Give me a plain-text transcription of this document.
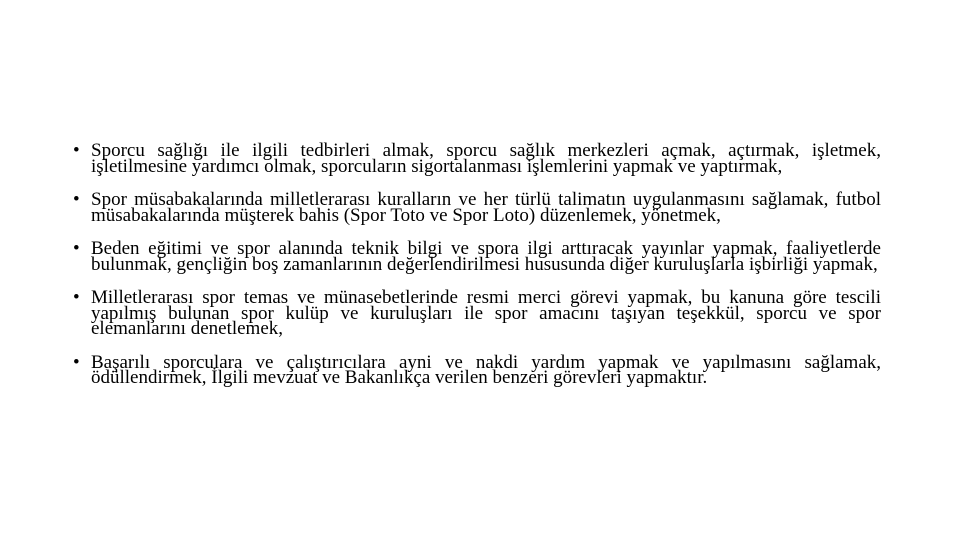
• Sporcu sağlığı ile ilgili tedbirleri almak, sporcu sağlık merkezleri açmak, açtırmak, işletmek, işletilmesine yardımcı olmak, sporcuların sigortalanması işlemlerini yapmak ve yaptırmak,
• Spor müsabakalarında milletlerarası kuralların ve her türlü talimatın uygulanmasını sağlamak, futbol müsabakalarında müşterek bahis (Spor Toto ve Spor Loto) düzenlemek, yönetmek,
• Beden eğitimi ve spor alanında teknik bilgi ve spora ilgi arttıracak yayınlar yapmak, faaliyetlerde bulunmak, gençliğin boş zamanlarının değerlendirilmesi hususunda diğer kuruluşlarla işbirliği yapmak,
• Milletlerarası spor temas ve münasebetlerinde resmi merci görevi yapmak, bu kanuna göre tescili yapılmış bulunan spor kulüp ve kuruluşları ile spor amacını taşıyan teşekkül, sporcu ve spor elemanlarını denetlemek,
• Başarılı sporculara ve çalıştırıcılara ayni ve nakdi yardım yapmak ve yapılmasını sağlamak, ödüllendirmek, İlgili mevzuat ve Bakanlıkça verilen benzeri görevleri yapmaktır.
